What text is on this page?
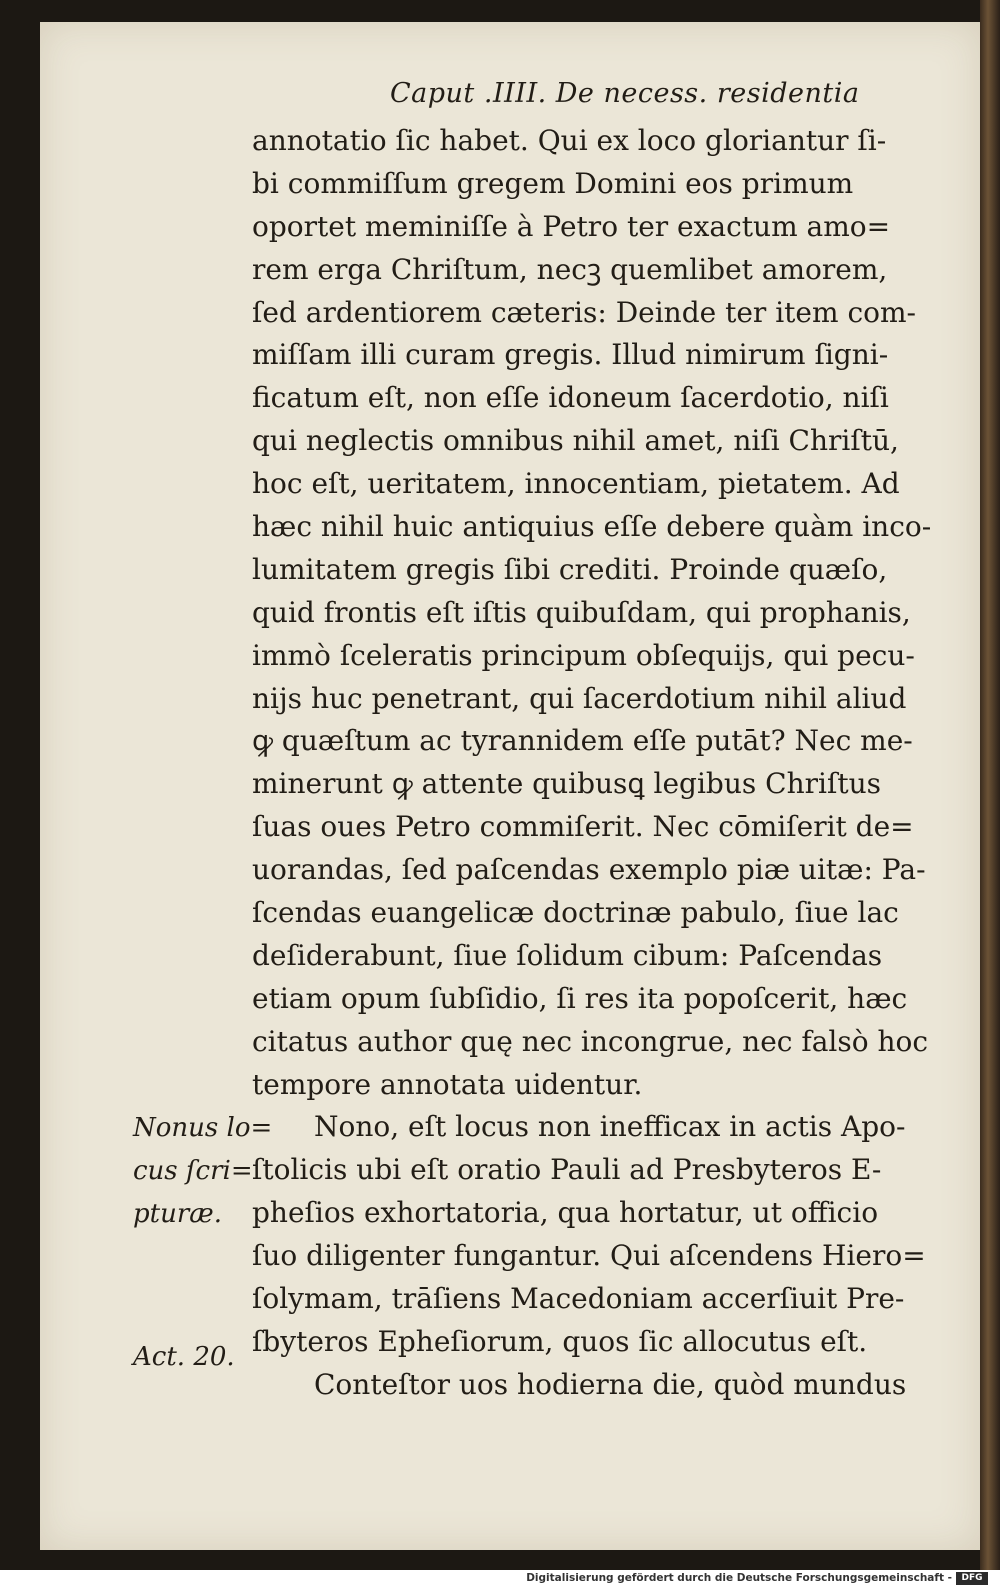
Caput .IIII. De necess. residentia
annotatio ſic habet. Qui ex loco gloriantur ſi-
bi commiſſum gregem Domini eos primum
oportet meminiſſe à Petro ter exactum amo=
rem erga Chriſtum, necꝫ quemlibet amorem,
ſed ardentiorem cæteris: Deinde ter item com-
miſſam illi curam gregis. Illud nimirum ſigni-
ficatum eſt, non eſſe idoneum ſacerdotio, niſi
qui neglectis omnibus nihil amet, niſi Chriſtū,
hoc eſt, ueritatem, innocentiam, pietatem. Ad
hæc nihil huic antiquius eſſe debere quàm inco-
lumitatem gregis ſibi crediti. Proinde quæſo,
quid frontis eſt iſtis quibuſdam, qui prophanis,
immò ſceleratis principum obſequijs, qui pecu-
nijs huc penetrant, qui ſacerdotium nihil aliud
ꝙ quæſtum ac tyrannidem eſſe putāt? Nec me-
minerunt ꝙ attente quibusꝗ legibus Chriſtus
ſuas oues Petro commiſerit. Nec cōmiſerit de=
uorandas, ſed paſcendas exemplo piæ uitæ: Pa-
ſcendas euangelicæ doctrinæ pabulo, ſiue lac
deſiderabunt, ſiue ſolidum cibum: Paſcendas
etiam opum ſubſidio, ſi res ita popoſcerit, hæc
citatus author quę nec incongrue, nec falsò hoc
tempore annotata uidentur.
Nono, eſt locus non inefficax in actis Apo-
ſtolicis ubi eſt oratio Pauli ad Presbyteros E-
pheſios exhortatoria, qua hortatur, ut officio
ſuo diligenter fungantur. Qui aſcendens Hiero=
ſolymam, trāſiens Macedoniam accerſiuit Pre-
ſbyteros Epheſiorum, quos ſic allocutus eſt.
Conteſtor uos hodierna die, quòd mundus
Nonus lo=
cus ſcri=
pturæ.
Act. 20.
Digitalisierung gefördert durch die Deutsche Forschungsgemeinschaft -	DFG
